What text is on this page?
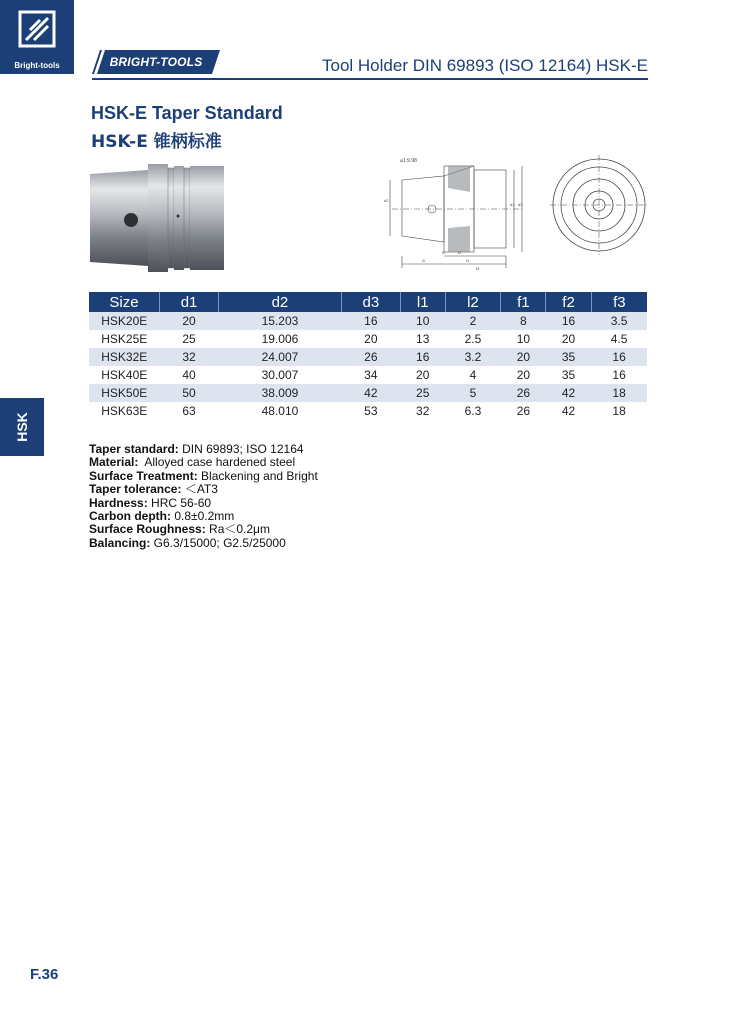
Bright-tools	BRIGHT-TOOLS	Tool Holder DIN 69893 (ISO 12164) HSK-E
HSK-E Taper Standard
HSK-E 锥柄标准
⌀1:9.98
d2
d1 d3
l2	f2
f1
l1
f3
Size	d1	d2	d3	l1	l2	f1	f2	f3
HSK20E	20	15.203	16	10	2	8	16	3.5
HSK25E	25	19.006	20	13	2.5	10	20	4.5
HSK32E	32	24.007	26	16	3.2	20	35	16
HSK40E	40	30.007	34	20	4	20	35	16
HSK50E	50	38.009	42	25	5	26	42	18
HSK63E	63	48.010	53	32	6.3	26	42	18
HSK
Taper standard: DIN 69893; ISO 12164
Material:  Alloyed case hardened steel
Surface Treatment: Blackening and Bright
Taper tolerance: ＜AT3
Hardness: HRC 56-60
Carbon depth: 0.8±0.2mm
Surface Roughness: Ra＜0.2μm
Balancing: G6.3/15000; G2.5/25000
F.36
